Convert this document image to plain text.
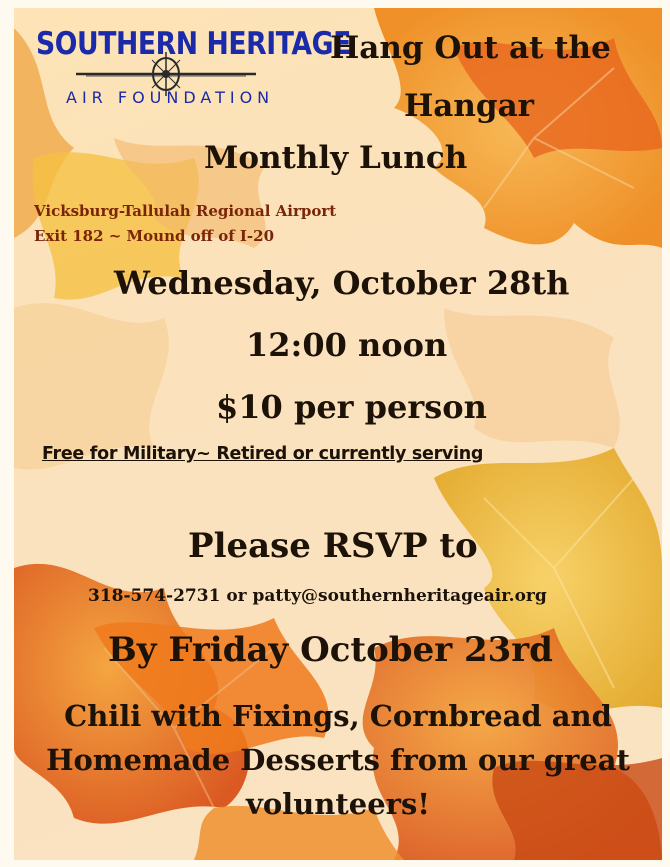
SOUTHERN HERITAGE
AIR FOUNDATION
Hang Out at the
Hangar
Monthly Lunch
Vicksburg-Tallulah Regional Airport
Exit 182 ~ Mound off of I-20
Wednesday, October 28th
12:00 noon
$10 per person
Free for Military~ Retired or currently serving
Please RSVP to
318-574-2731 or patty@southernheritageair.org
By Friday October 23rd
Chili with Fixings, Cornbread and
Homemade Desserts from our great
volunteers!
